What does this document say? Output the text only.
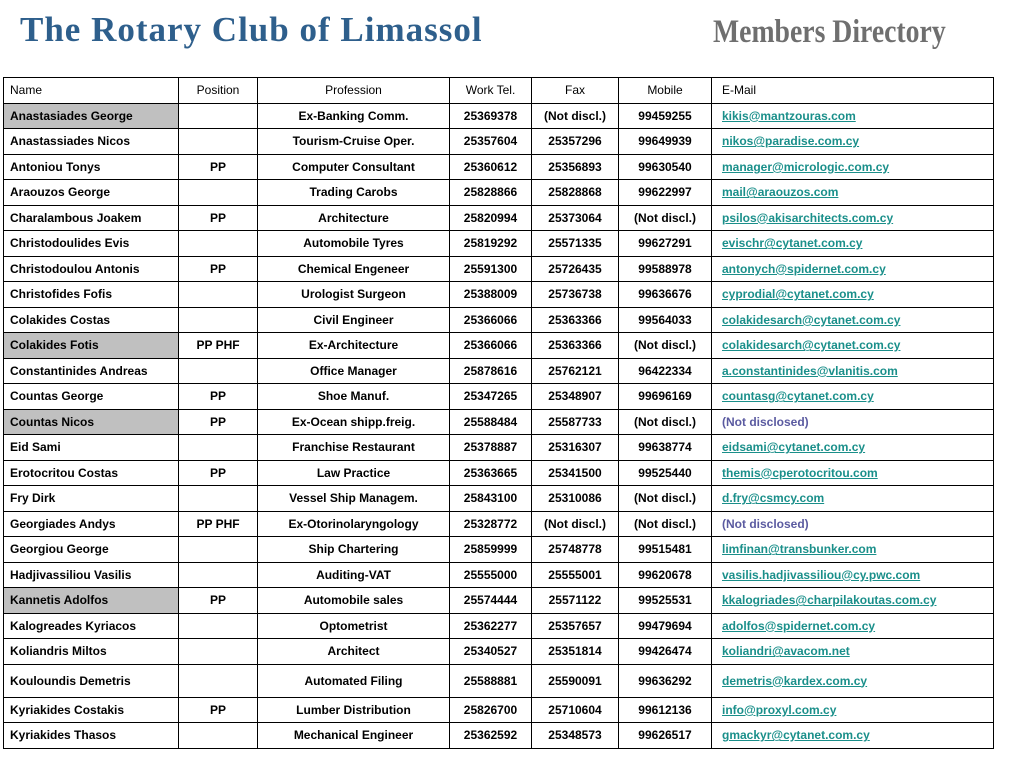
The Rotary Club of Limassol	Members Directory
Name	Position	Profession	Work Tel.	Fax	Mobile	E-Mail
Anastasiades George		Ex-Banking Comm.	25369378	(Not discl.)	99459255	kikis@mantzouras.com
Anastassiades Nicos		Tourism-Cruise Oper.	25357604	25357296	99649939	nikos@paradise.com.cy
Antoniou Tonys	PP	Computer Consultant	25360612	25356893	99630540	manager@micrologic.com.cy
Araouzos George		Trading Carobs	25828866	25828868	99622997	mail@araouzos.com
Charalambous Joakem	PP	Architecture	25820994	25373064	(Not discl.)	psilos@akisarchitects.com.cy
Christodoulides Evis		Automobile Tyres	25819292	25571335	99627291	evischr@cytanet.com.cy
Christodoulou Antonis	PP	Chemical Engeneer	25591300	25726435	99588978	antonych@spidernet.com.cy
Christofides Fofis		Urologist Surgeon	25388009	25736738	99636676	cyprodial@cytanet.com.cy
Colakides Costas		Civil Engineer	25366066	25363366	99564033	colakidesarch@cytanet.com.cy
Colakides Fotis	PP PHF	Ex-Architecture	25366066	25363366	(Not discl.)	colakidesarch@cytanet.com.cy
Constantinides Andreas		Office Manager	25878616	25762121	96422334	a.constantinides@vlanitis.com
Countas George	PP	Shoe Manuf.	25347265	25348907	99696169	countasg@cytanet.com.cy
Countas Nicos	PP	Ex-Ocean shipp.freig.	25588484	25587733	(Not discl.)	(Not disclosed)
Eid Sami		Franchise Restaurant	25378887	25316307	99638774	eidsami@cytanet.com.cy
Erotocritou Costas	PP	Law Practice	25363665	25341500	99525440	themis@cperotocritou.com
Fry Dirk		Vessel Ship Managem.	25843100	25310086	(Not discl.)	d.fry@csmcy.com
Georgiades Andys	PP PHF	Ex-Otorinolaryngology	25328772	(Not discl.)	(Not discl.)	(Not disclosed)
Georgiou George		Ship Chartering	25859999	25748778	99515481	limfinan@transbunker.com
Hadjivassiliou Vasilis		Auditing-VAT	25555000	25555001	99620678	vasilis.hadjivassiliou@cy.pwc.com
Kannetis Adolfos	PP	Automobile sales	25574444	25571122	99525531	kkalogriades@charpilakoutas.com.cy
Kalogreades Kyriacos		Optometrist	25362277	25357657	99479694	adolfos@spidernet.com.cy
Koliandris Miltos		Architect	25340527	25351814	99426474	koliandri@avacom.net
Kouloundis Demetris		Automated Filing	25588881	25590091	99636292	demetris@kardex.com.cy
Kyriakides Costakis	PP	Lumber Distribution	25826700	25710604	99612136	info@proxyl.com.cy
Kyriakides Thasos		Mechanical Engineer	25362592	25348573	99626517	gmackyr@cytanet.com.cy
